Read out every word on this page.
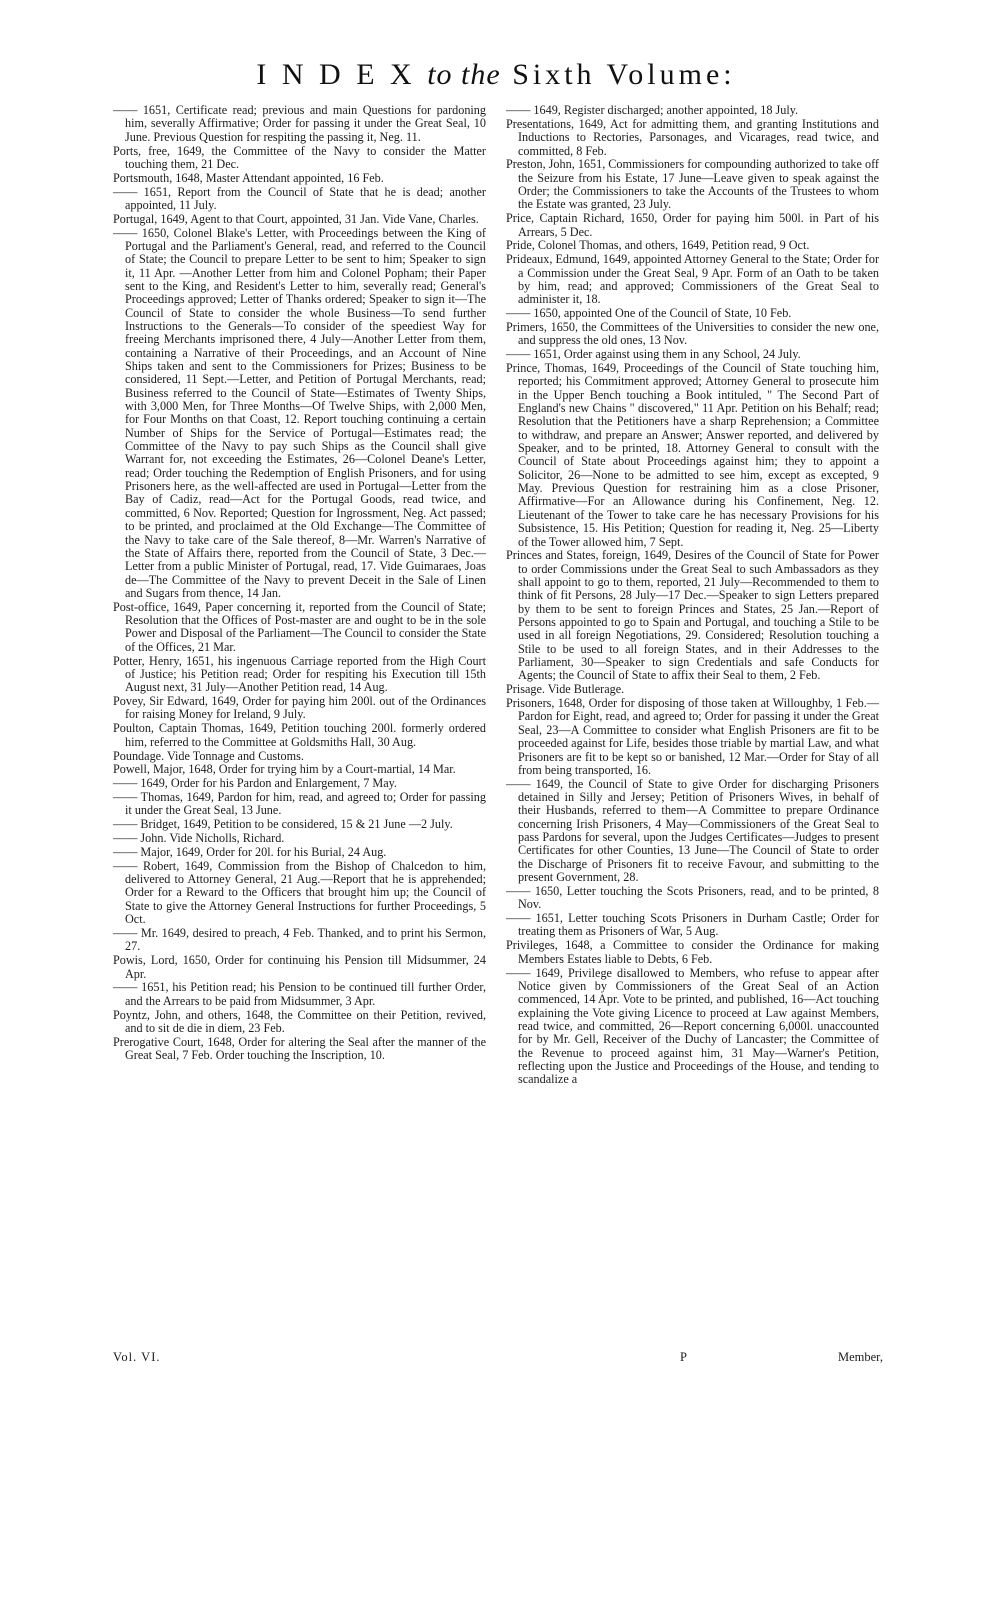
I N D E X to the Sixth Volume:

—— 1651, Certificate read; previous and main Questions for pardoning him, severally Affirmative; Order for passing it under the Great Seal, 10 June. Previous Question for respiting the passing it, Neg. 11.

Ports, free, 1649, the Committee of the Navy to consider the Matter touching them, 21 Dec.

Portsmouth, 1648, Master Attendant appointed, 16 Feb.

—— 1651, Report from the Council of State that he is dead; another appointed, 11 July.

Portugal, 1649, Agent to that Court, appointed, 31 Jan. Vide Vane, Charles.

—— 1650, Colonel Blake's Letter, with Proceedings between the King of Portugal and the Parliament's General, read, and referred to the Council of State; the Council to prepare Letter to be sent to him; Speaker to sign it, 11 Apr. —Another Letter from him and Colonel Popham; their Paper sent to the King, and Resident's Letter to him, severally read; General's Proceedings approved; Letter of Thanks ordered; Speaker to sign it—The Council of State to consider the whole Business—To send further Instructions to the Generals—To consider of the speediest Way for freeing Merchants imprisoned there, 4 July—Another Letter from them, containing a Narrative of their Proceedings, and an Account of Nine Ships taken and sent to the Commissioners for Prizes; Business to be considered, 11 Sept.—Letter, and Petition of Portugal Merchants, read; Business referred to the Council of State—Estimates of Twenty Ships, with 3,000 Men, for Three Months—Of Twelve Ships, with 2,000 Men, for Four Months on that Coast, 12. Report touching continuing a certain Number of Ships for the Service of Portugal—Estimates read; the Committee of the Navy to pay such Ships as the Council shall give Warrant for, not exceeding the Estimates, 26—Colonel Deane's Letter, read; Order touching the Redemption of English Prisoners, and for using Prisoners here, as the well-affected are used in Portugal—Letter from the Bay of Cadiz, read—Act for the Portugal Goods, read twice, and committed, 6 Nov. Reported; Question for Ingrossment, Neg. Act passed; to be printed, and proclaimed at the Old Exchange—The Committee of the Navy to take care of the Sale thereof, 8—Mr. Warren's Narrative of the State of Affairs there, reported from the Council of State, 3 Dec.—Letter from a public Minister of Portugal, read, 17. Vide Guimaraes, Joas de—The Committee of the Navy to prevent Deceit in the Sale of Linen and Sugars from thence, 14 Jan.

Post-office, 1649, Paper concerning it, reported from the Council of State; Resolution that the Offices of Post-master are and ought to be in the sole Power and Disposal of the Parliament—The Council to consider the State of the Offices, 21 Mar.

Potter, Henry, 1651, his ingenuous Carriage reported from the High Court of Justice; his Petition read; Order for respiting his Execution till 15th August next, 31 July—Another Petition read, 14 Aug.

Povey, Sir Edward, 1649, Order for paying him 200l. out of the Ordinances for raising Money for Ireland, 9 July.

Poulton, Captain Thomas, 1649, Petition touching 200l. formerly ordered him, referred to the Committee at Goldsmiths Hall, 30 Aug.

Poundage. Vide Tonnage and Customs.

Powell, Major, 1648, Order for trying him by a Court-martial, 14 Mar.

—— 1649, Order for his Pardon and Enlargement, 7 May.

—— Thomas, 1649, Pardon for him, read, and agreed to; Order for passing it under the Great Seal, 13 June.

—— Bridget, 1649, Petition to be considered, 15 & 21 June —2 July.

—— John. Vide Nicholls, Richard.

—— Major, 1649, Order for 20l. for his Burial, 24 Aug.

—— Robert, 1649, Commission from the Bishop of Chalcedon to him, delivered to Attorney General, 21 Aug.—Report that he is apprehended; Order for a Reward to the Officers that brought him up; the Council of State to give the Attorney General Instructions for further Proceedings, 5 Oct.

—— Mr. 1649, desired to preach, 4 Feb. Thanked, and to print his Sermon, 27.

Powis, Lord, 1650, Order for continuing his Pension till Midsummer, 24 Apr.

—— 1651, his Petition read; his Pension to be continued till further Order, and the Arrears to be paid from Midsummer, 3 Apr.

Poyntz, John, and others, 1648, the Committee on their Petition, revived, and to sit de die in diem, 23 Feb.

Prerogative Court, 1648, Order for altering the Seal after the manner of the Great Seal, 7 Feb. Order touching the Inscription, 10.

—— 1649, Register discharged; another appointed, 18 July.

Presentations, 1649, Act for admitting them, and granting Institutions and Inductions to Rectories, Parsonages, and Vicarages, read twice, and committed, 8 Feb.

Preston, John, 1651, Commissioners for compounding authorized to take off the Seizure from his Estate, 17 June—Leave given to speak against the Order; the Commissioners to take the Accounts of the Trustees to whom the Estate was granted, 23 July.

Price, Captain Richard, 1650, Order for paying him 500l. in Part of his Arrears, 5 Dec.

Pride, Colonel Thomas, and others, 1649, Petition read, 9 Oct.

Prideaux, Edmund, 1649, appointed Attorney General to the State; Order for a Commission under the Great Seal, 9 Apr. Form of an Oath to be taken by him, read; and approved; Commissioners of the Great Seal to administer it, 18.

—— 1650, appointed One of the Council of State, 10 Feb.

Primers, 1650, the Committees of the Universities to consider the new one, and suppress the old ones, 13 Nov.

—— 1651, Order against using them in any School, 24 July.

Prince, Thomas, 1649, Proceedings of the Council of State touching him, reported; his Commitment approved; Attorney General to prosecute him in the Upper Bench touching a Book intituled, " The Second Part of England's new Chains " discovered," 11 Apr. Petition on his Behalf; read; Resolution that the Petitioners have a sharp Reprehension; a Committee to withdraw, and prepare an Answer; Answer reported, and delivered by Speaker, and to be printed, 18. Attorney General to consult with the Council of State about Proceedings against him; they to appoint a Solicitor, 26—None to be admitted to see him, except as excepted, 9 May. Previous Question for restraining him as a close Prisoner, Affirmative—For an Allowance during his Confinement, Neg. 12. Lieutenant of the Tower to take care he has necessary Provisions for his Subsistence, 15. His Petition; Question for reading it, Neg. 25—Liberty of the Tower allowed him, 7 Sept.

Princes and States, foreign, 1649, Desires of the Council of State for Power to order Commissions under the Great Seal to such Ambassadors as they shall appoint to go to them, reported, 21 July—Recommended to them to think of fit Persons, 28 July—17 Dec.—Speaker to sign Letters prepared by them to be sent to foreign Princes and States, 25 Jan.—Report of Persons appointed to go to Spain and Portugal, and touching a Stile to be used in all foreign Negotiations, 29. Considered; Resolution touching a Stile to be used to all foreign States, and in their Addresses to the Parliament, 30—Speaker to sign Credentials and safe Conducts for Agents; the Council of State to affix their Seal to them, 2 Feb.

Prisage. Vide Butlerage.

Prisoners, 1648, Order for disposing of those taken at Willoughby, 1 Feb.—Pardon for Eight, read, and agreed to; Order for passing it under the Great Seal, 23—A Committee to consider what English Prisoners are fit to be proceeded against for Life, besides those triable by martial Law, and what Prisoners are fit to be kept so or banished, 12 Mar.—Order for Stay of all from being transported, 16.

—— 1649, the Council of State to give Order for discharging Prisoners detained in Silly and Jersey; Petition of Prisoners Wives, in behalf of their Husbands, referred to them—A Committee to prepare Ordinance concerning Irish Prisoners, 4 May—Commissioners of the Great Seal to pass Pardons for several, upon the Judges Certificates—Judges to present Certificates for other Counties, 13 June—The Council of State to order the Discharge of Prisoners fit to receive Favour, and submitting to the present Government, 28.

—— 1650, Letter touching the Scots Prisoners, read, and to be printed, 8 Nov.

—— 1651, Letter touching Scots Prisoners in Durham Castle; Order for treating them as Prisoners of War, 5 Aug.

Privileges, 1648, a Committee to consider the Ordinance for making Members Estates liable to Debts, 6 Feb.

—— 1649, Privilege disallowed to Members, who refuse to appear after Notice given by Commissioners of the Great Seal of an Action commenced, 14 Apr. Vote to be printed, and published, 16—Act touching explaining the Vote giving Licence to proceed at Law against Members, read twice, and committed, 26—Report concerning 6,000l. unaccounted for by Mr. Gell, Receiver of the Duchy of Lancaster; the Committee of the Revenue to proceed against him, 31 May—Warner's Petition, reflecting upon the Justice and Proceedings of the House, and tending to scandalize a

Vol. VI.	P	Member,
